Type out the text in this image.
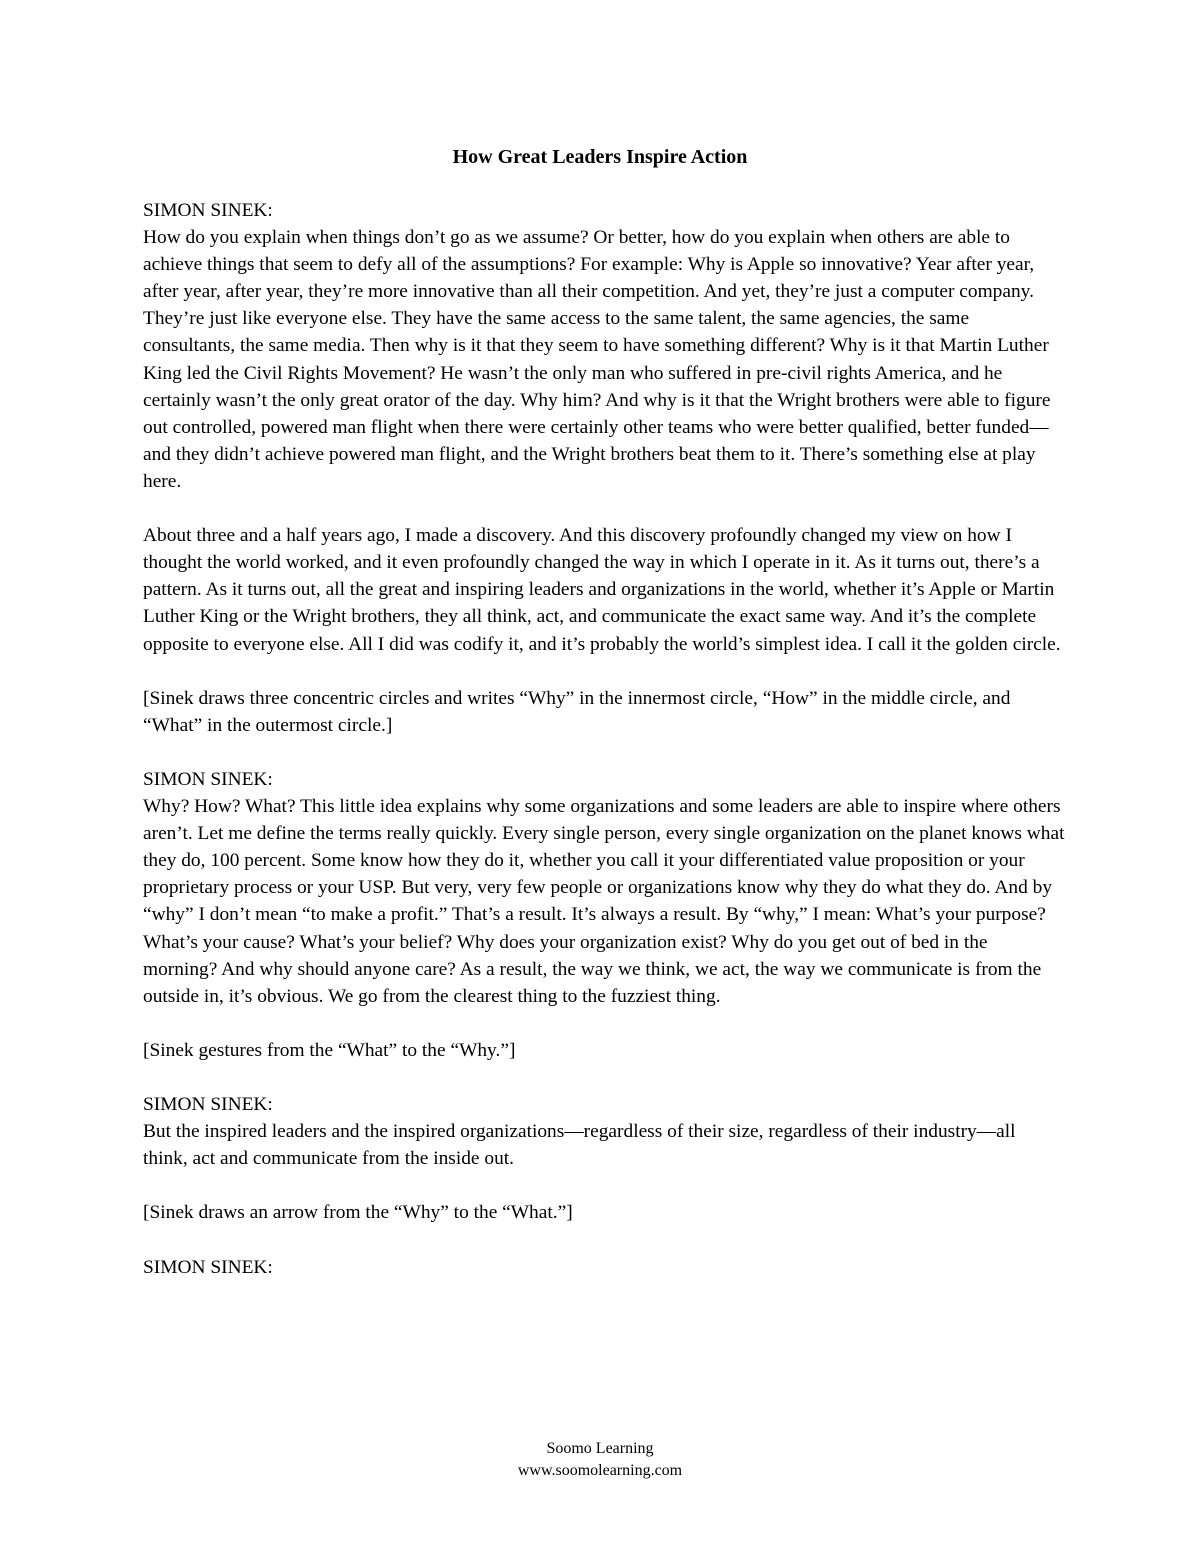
How Great Leaders Inspire Action
SIMON SINEK:

How do you explain when things don’t go as we assume? Or better, how do you explain when others are able to achieve things that seem to defy all of the assumptions? For example: Why is Apple so innovative? Year after year, after year, after year, they’re more innovative than all their competition. And yet, they’re just a computer company. They’re just like everyone else. They have the same access to the same talent, the same agencies, the same consultants, the same media. Then why is it that they seem to have something different? Why is it that Martin Luther King led the Civil Rights Movement? He wasn’t the only man who suffered in pre-civil rights America, and he certainly wasn’t the only great orator of the day. Why him? And why is it that the Wright brothers were able to figure out controlled, powered man flight when there were certainly other teams who were better qualified, better funded—and they didn’t achieve powered man flight, and the Wright brothers beat them to it. There’s something else at play here.

About three and a half years ago, I made a discovery. And this discovery profoundly changed my view on how I thought the world worked, and it even profoundly changed the way in which I operate in it. As it turns out, there’s a pattern. As it turns out, all the great and inspiring leaders and organizations in the world, whether it’s Apple or Martin Luther King or the Wright brothers, they all think, act, and communicate the exact same way. And it’s the complete opposite to everyone else. All I did was codify it, and it’s probably the world’s simplest idea. I call it the golden circle.

[Sinek draws three concentric circles and writes “Why” in the innermost circle, “How” in the middle circle, and “What” in the outermost circle.]

SIMON SINEK:

Why? How? What? This little idea explains why some organizations and some leaders are able to inspire where others aren’t. Let me define the terms really quickly. Every single person, every single organization on the planet knows what they do, 100 percent. Some know how they do it, whether you call it your differentiated value proposition or your proprietary process or your USP. But very, very few people or organizations know why they do what they do. And by “why” I don’t mean “to make a profit.” That’s a result. It’s always a result. By “why,” I mean: What’s your purpose? What’s your cause? What’s your belief? Why does your organization exist? Why do you get out of bed in the morning? And why should anyone care? As a result, the way we think, we act, the way we communicate is from the outside in, it’s obvious. We go from the clearest thing to the fuzziest thing.

[Sinek gestures from the “What” to the “Why.”]

SIMON SINEK:

But the inspired leaders and the inspired organizations—regardless of their size, regardless of their industry—all think, act and communicate from the inside out.

[Sinek draws an arrow from the “Why” to the “What.”]

SIMON SINEK:
Soomo Learning
www.soomolearning.com
